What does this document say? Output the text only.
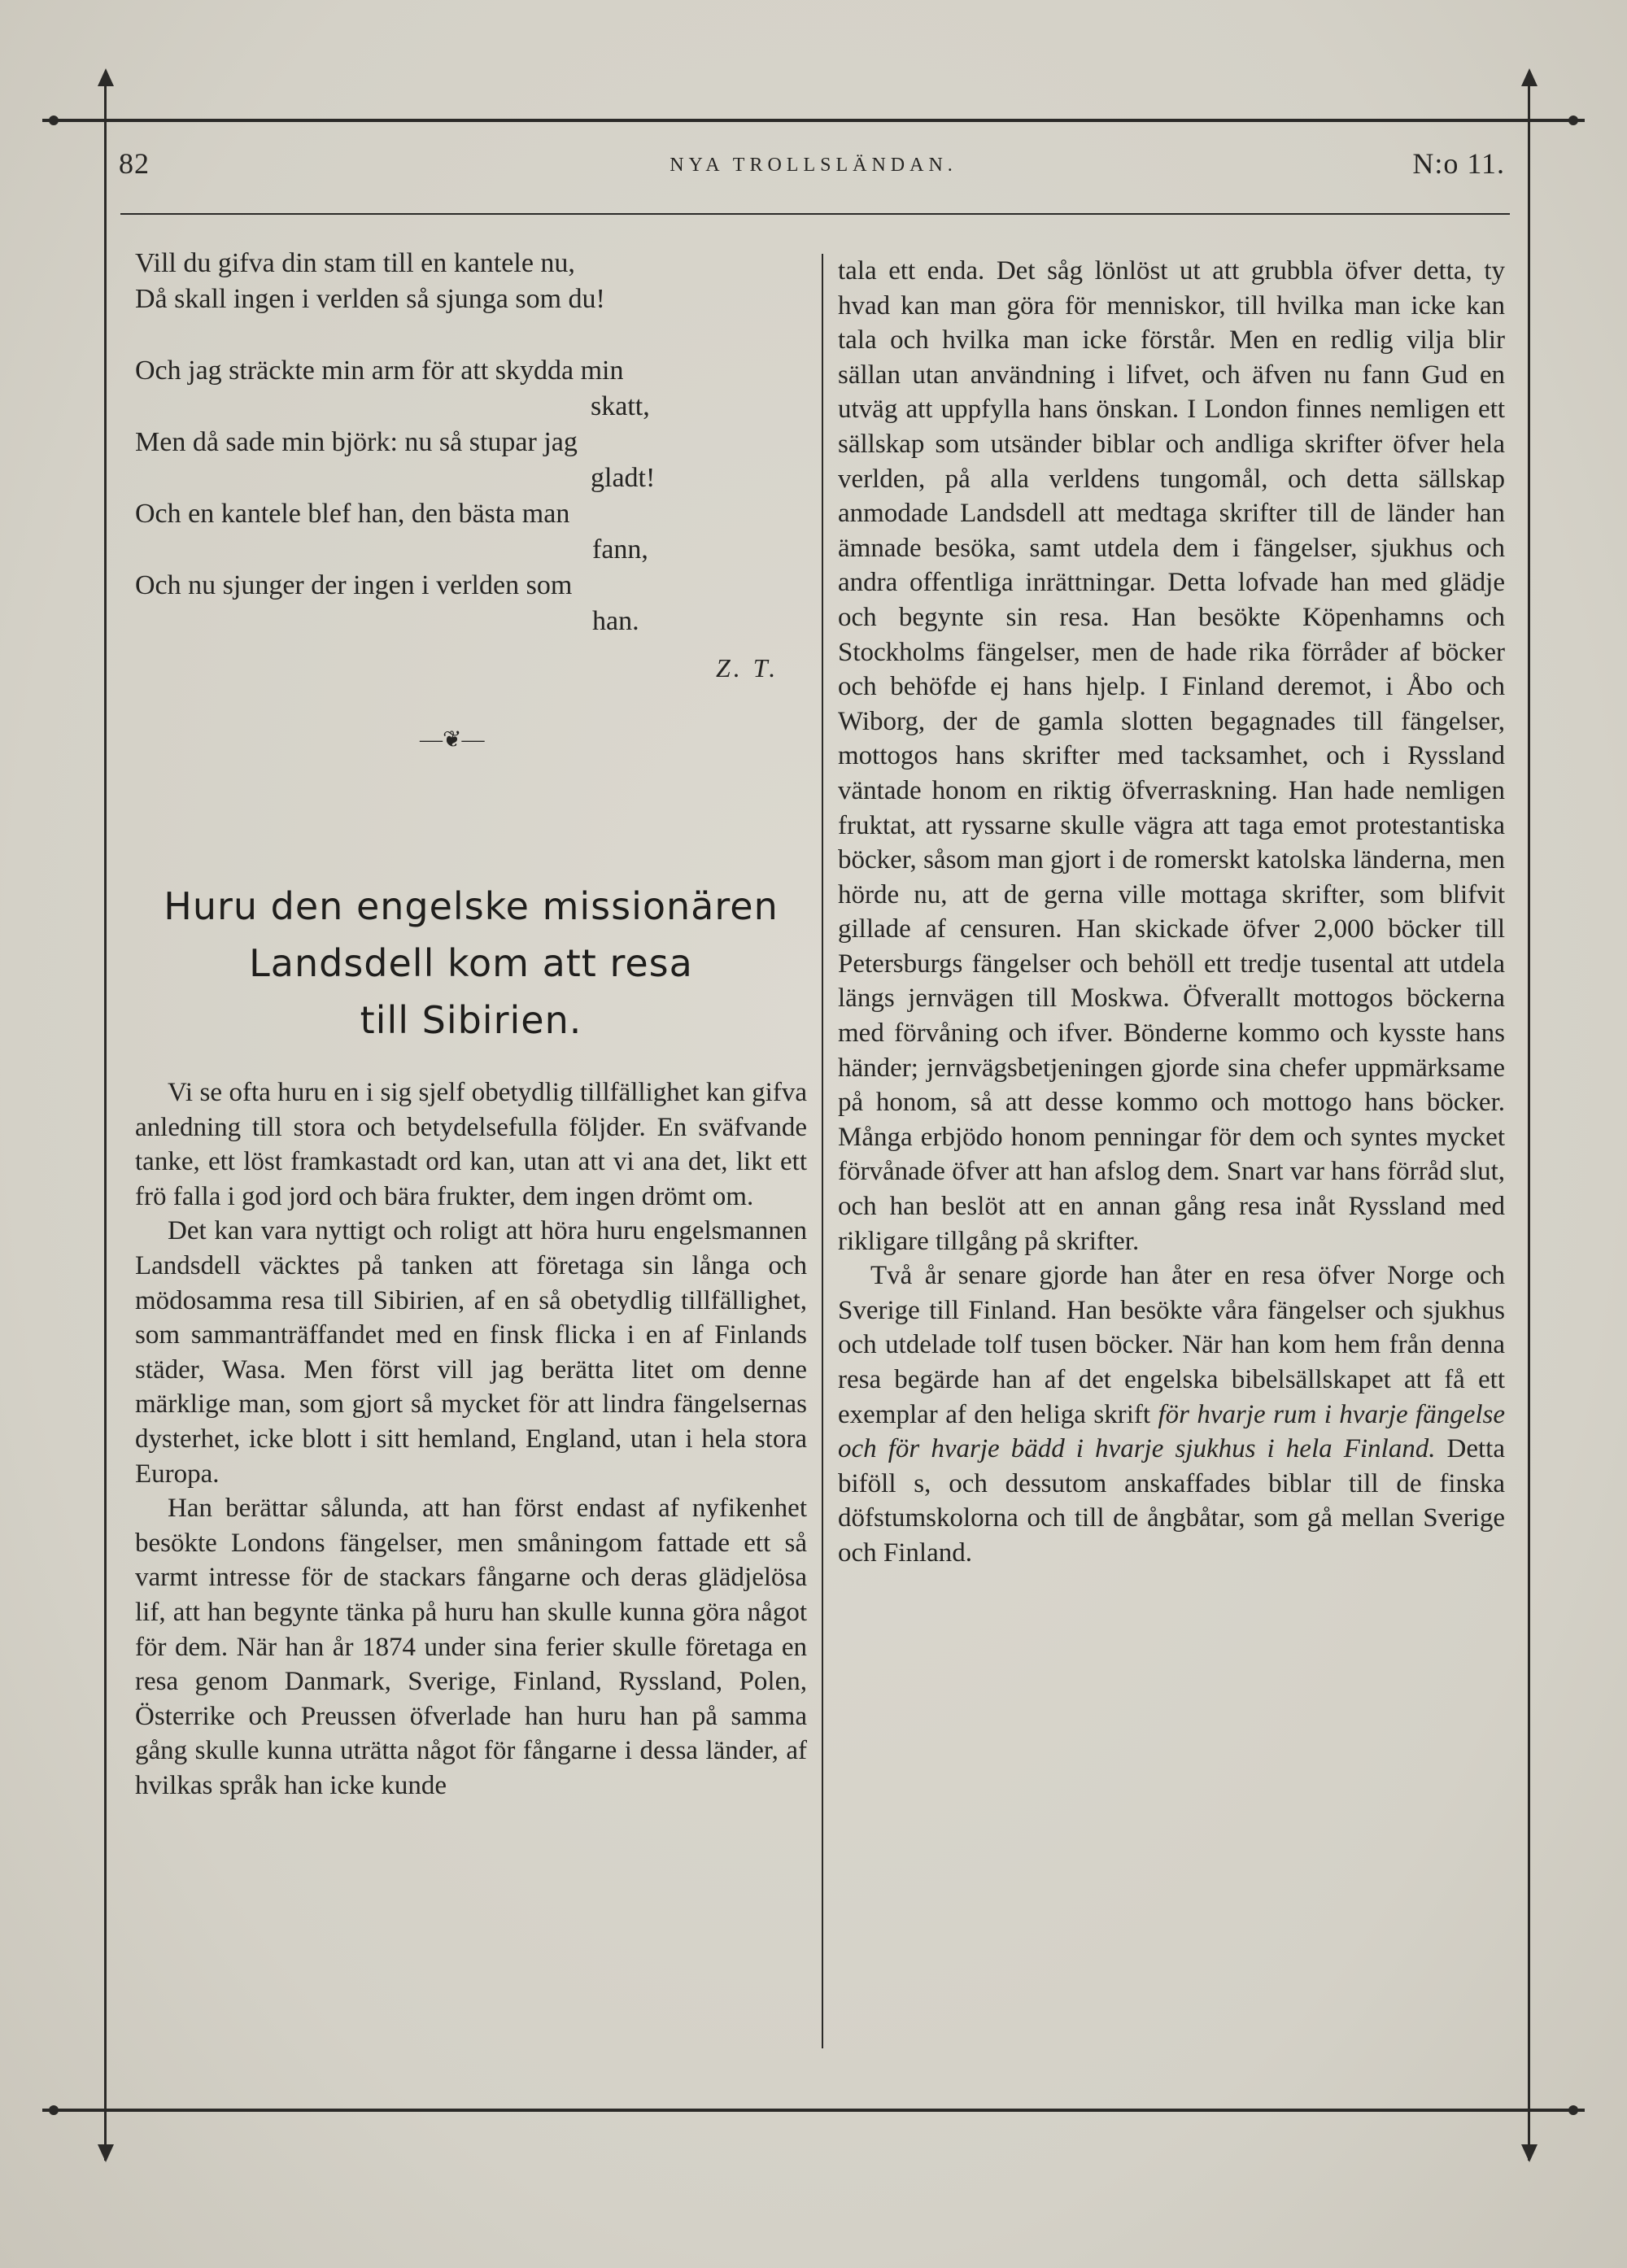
82	NYA TROLLSLÄNDAN.	N:o 11.
Vill du gifva din stam till en kantele nu,
Då skall ingen i verlden så sjunga som du!
Och jag sträckte min arm för att skydda min
skatt,
Men då sade min björk: nu så stupar jag
gladt!
Och en kantele blef han, den bästa man
fann,
Och nu sjunger der ingen i verlden som
han.
Z. T.
—❦—
Huru den engelske missionären
Landsdell kom att resa
till Sibirien.

Vi se ofta huru en i sig sjelf obetydlig tillfällighet kan gifva anledning till stora och betydelsefulla följder. En sväfvande tanke, ett löst framkastadt ord kan, utan att vi ana det, likt ett frö falla i god jord och bära frukter, dem ingen drömt om.

Det kan vara nyttigt och roligt att höra huru engelsmannen Landsdell väcktes på tanken att företaga sin långa och mödosamma resa till Sibirien, af en så obetydlig tillfällighet, som sammanträffandet med en finsk flicka i en af Finlands städer, Wasa. Men först vill jag berätta litet om denne märklige man, som gjort så mycket för att lindra fängelsernas dysterhet, icke blott i sitt hemland, England, utan i hela stora Europa.

Han berättar sålunda, att han först endast af nyfikenhet besökte Londons fängelser, men småningom fattade ett så varmt intresse för de stackars fångarne och deras glädjelösa lif, att han begynte tänka på huru han skulle kunna göra något för dem. När han år 1874 under sina ferier skulle företaga en resa genom Danmark, Sverige, Finland, Ryssland, Polen, Österrike och Preussen öfverlade han huru han på samma gång skulle kunna uträtta något för fångarne i dessa länder, af hvilkas språk han icke kunde

tala ett enda. Det såg lönlöst ut att grubbla öfver detta, ty hvad kan man göra för menniskor, till hvilka man icke kan tala och hvilka man icke förstår. Men en redlig vilja blir sällan utan användning i lifvet, och äfven nu fann Gud en utväg att uppfylla hans önskan. I London finnes nemligen ett sällskap som utsänder biblar och andliga skrifter öfver hela verlden, på alla verldens tungomål, och detta sällskap anmodade Landsdell att medtaga skrifter till de länder han ämnade besöka, samt utdela dem i fängelser, sjukhus och andra offentliga inrättningar. Detta lofvade han med glädje och begynte sin resa. Han besökte Köpenhamns och Stockholms fängelser, men de hade rika förråder af böcker och behöfde ej hans hjelp. I Finland deremot, i Åbo och Wiborg, der de gamla slotten begagnades till fängelser, mottogos hans skrifter med tacksamhet, och i Ryssland väntade honom en riktig öfverraskning. Han hade nemligen fruktat, att ryssarne skulle vägra att taga emot protestantiska böcker, såsom man gjort i de romerskt katolska länderna, men hörde nu, att de gerna ville mottaga skrifter, som blifvit gillade af censuren. Han skickade öfver 2,000 böcker till Petersburgs fängelser och behöll ett tredje tusental att utdela längs jernvägen till Moskwa. Öfverallt mottogos böckerna med förvåning och ifver. Bönderne kommo och kysste hans händer; jernvägsbetjeningen gjorde sina chefer uppmärksame på honom, så att desse kommo och mottogo hans böcker. Många erbjödo honom penningar för dem och syntes mycket förvånade öfver att han afslog dem. Snart var hans förråd slut, och han beslöt att en annan gång resa inåt Ryssland med rikligare tillgång på skrifter.

Två år senare gjorde han åter en resa öfver Norge och Sverige till Finland. Han besökte våra fängelser och sjukhus och utdelade tolf tusen böcker. När han kom hem från denna resa begärde han af det engelska bibelsällskapet att få ett exemplar af den heliga skrift för hvarje rum i hvarje fängelse och för hvarje bädd i hvarje sjukhus i hela Finland. Detta biföll s, och dessutom anskaffades biblar till de finska döfstumskolorna och till de ångbåtar, som gå mellan Sverige och Finland.
